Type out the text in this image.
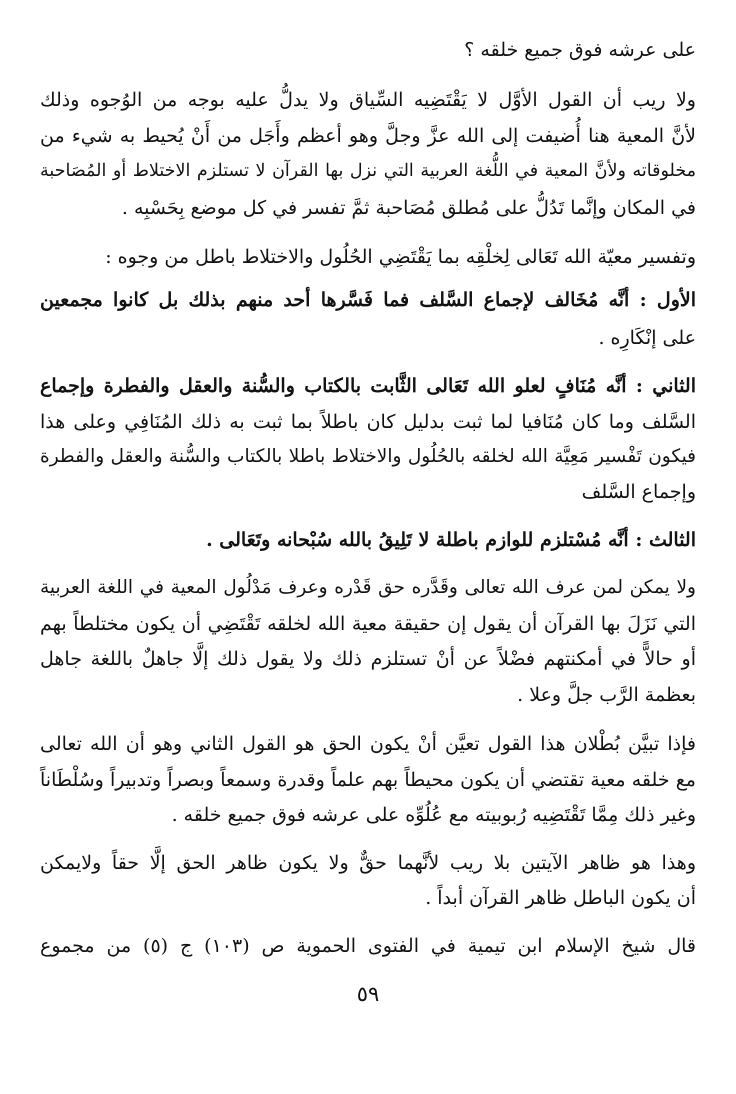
على عرشه فوق جميع خلقه ؟
ولا ريب أن القول الأوَّل لا يَقْتَضِيه السِّياق ولا يدلُّ عليه بوجه من الوُجوه وذلك
لأنَّ المعية هنا أُضيفت إلى الله عزَّ وجلَّ وهو أعظم وأَجَل من أَنْ يُحيط به شيء من
مخلوقاته ولأنَّ المعية في اللُّغة العربية التي نزل بها القرآن لا تستلزم الاختلاط أو المُصَاحبة
في المكان وإنَّما تَدُلُّ على مُطلق مُصَاحبة ثمَّ تفسر في كل موضع بِحَسْبِه .
وتفسير معيّة الله تَعَالى لِخلْقِه بما يَقْتَضِي الحُلُول والاختلاط باطل من وجوه :
الأول : أنَّه مُخَالف لإجماع السَّلف فما فَسَّرها أحد منهم بذلك بل كانوا مجمعين
على إنْكَارِه .
الثاني : أنَّه مُنَافٍ لعلو الله تَعَالى الثَّابت بالكتاب والسُّنة والعقل والفطرة وإجماع
السَّلف وما كان مُنَافيا لما ثبت بدليل كان باطلاً بما ثبت به ذلك المُنَافِي وعلى هذا
فيكون تَفْسير مَعِيَّة الله لخلقه بالحُلُول والاختلاط باطلا بالكتاب والسُّنة والعقل والفطرة
وإجماع السَّلف
الثالث : أنَّه مُسْتلزم للوازم باطلة لا تَلِيقُ بالله سُبْحانه وتَعَالى .
ولا يمكن لمن عرف الله تعالى وقَدَّره حق قَدْره وعرف مَدْلُول المعية في اللغة العربية
التي نَزَلَ بها القرآن أن يقول إن حقيقة معية الله لخلقه تَقْتَضِي أن يكون مختلطاً بهم
أو حالاًّ في أمكنتهم فضْلاً عن أنْ تستلزم ذلك ولا يقول ذلك إلَّا جاهلٌ باللغة جاهل
بعظمة الرَّب جلَّ وعلا .
فإذا تبيَّن بُطْلان هذا القول تعيَّن أنْ يكون الحق هو القول الثاني وهو أن الله تعالى
مع خلقه معية تقتضي أن يكون محيطاً بهم علماً وقدرة وسمعاً وبصراً وتدبيراً وسُلْطَاناً
وغير ذلك مِمَّا تَقْتَضِيه رُبوبيته مع عُلُوِّه على عرشه فوق جميع خلقه .
وهذا هو ظاهر الآيتين بلا ريب لأنَّهما حقٌّ ولا يكون ظاهر الحق إلَّا حقاً ولايمكن
أن يكون الباطل ظاهر القرآن أبداً .
قال شيخ الإسلام ابن تيمية في الفتوى الحموية ص (١٠٣) ج (٥) من مجموع
٥٩
